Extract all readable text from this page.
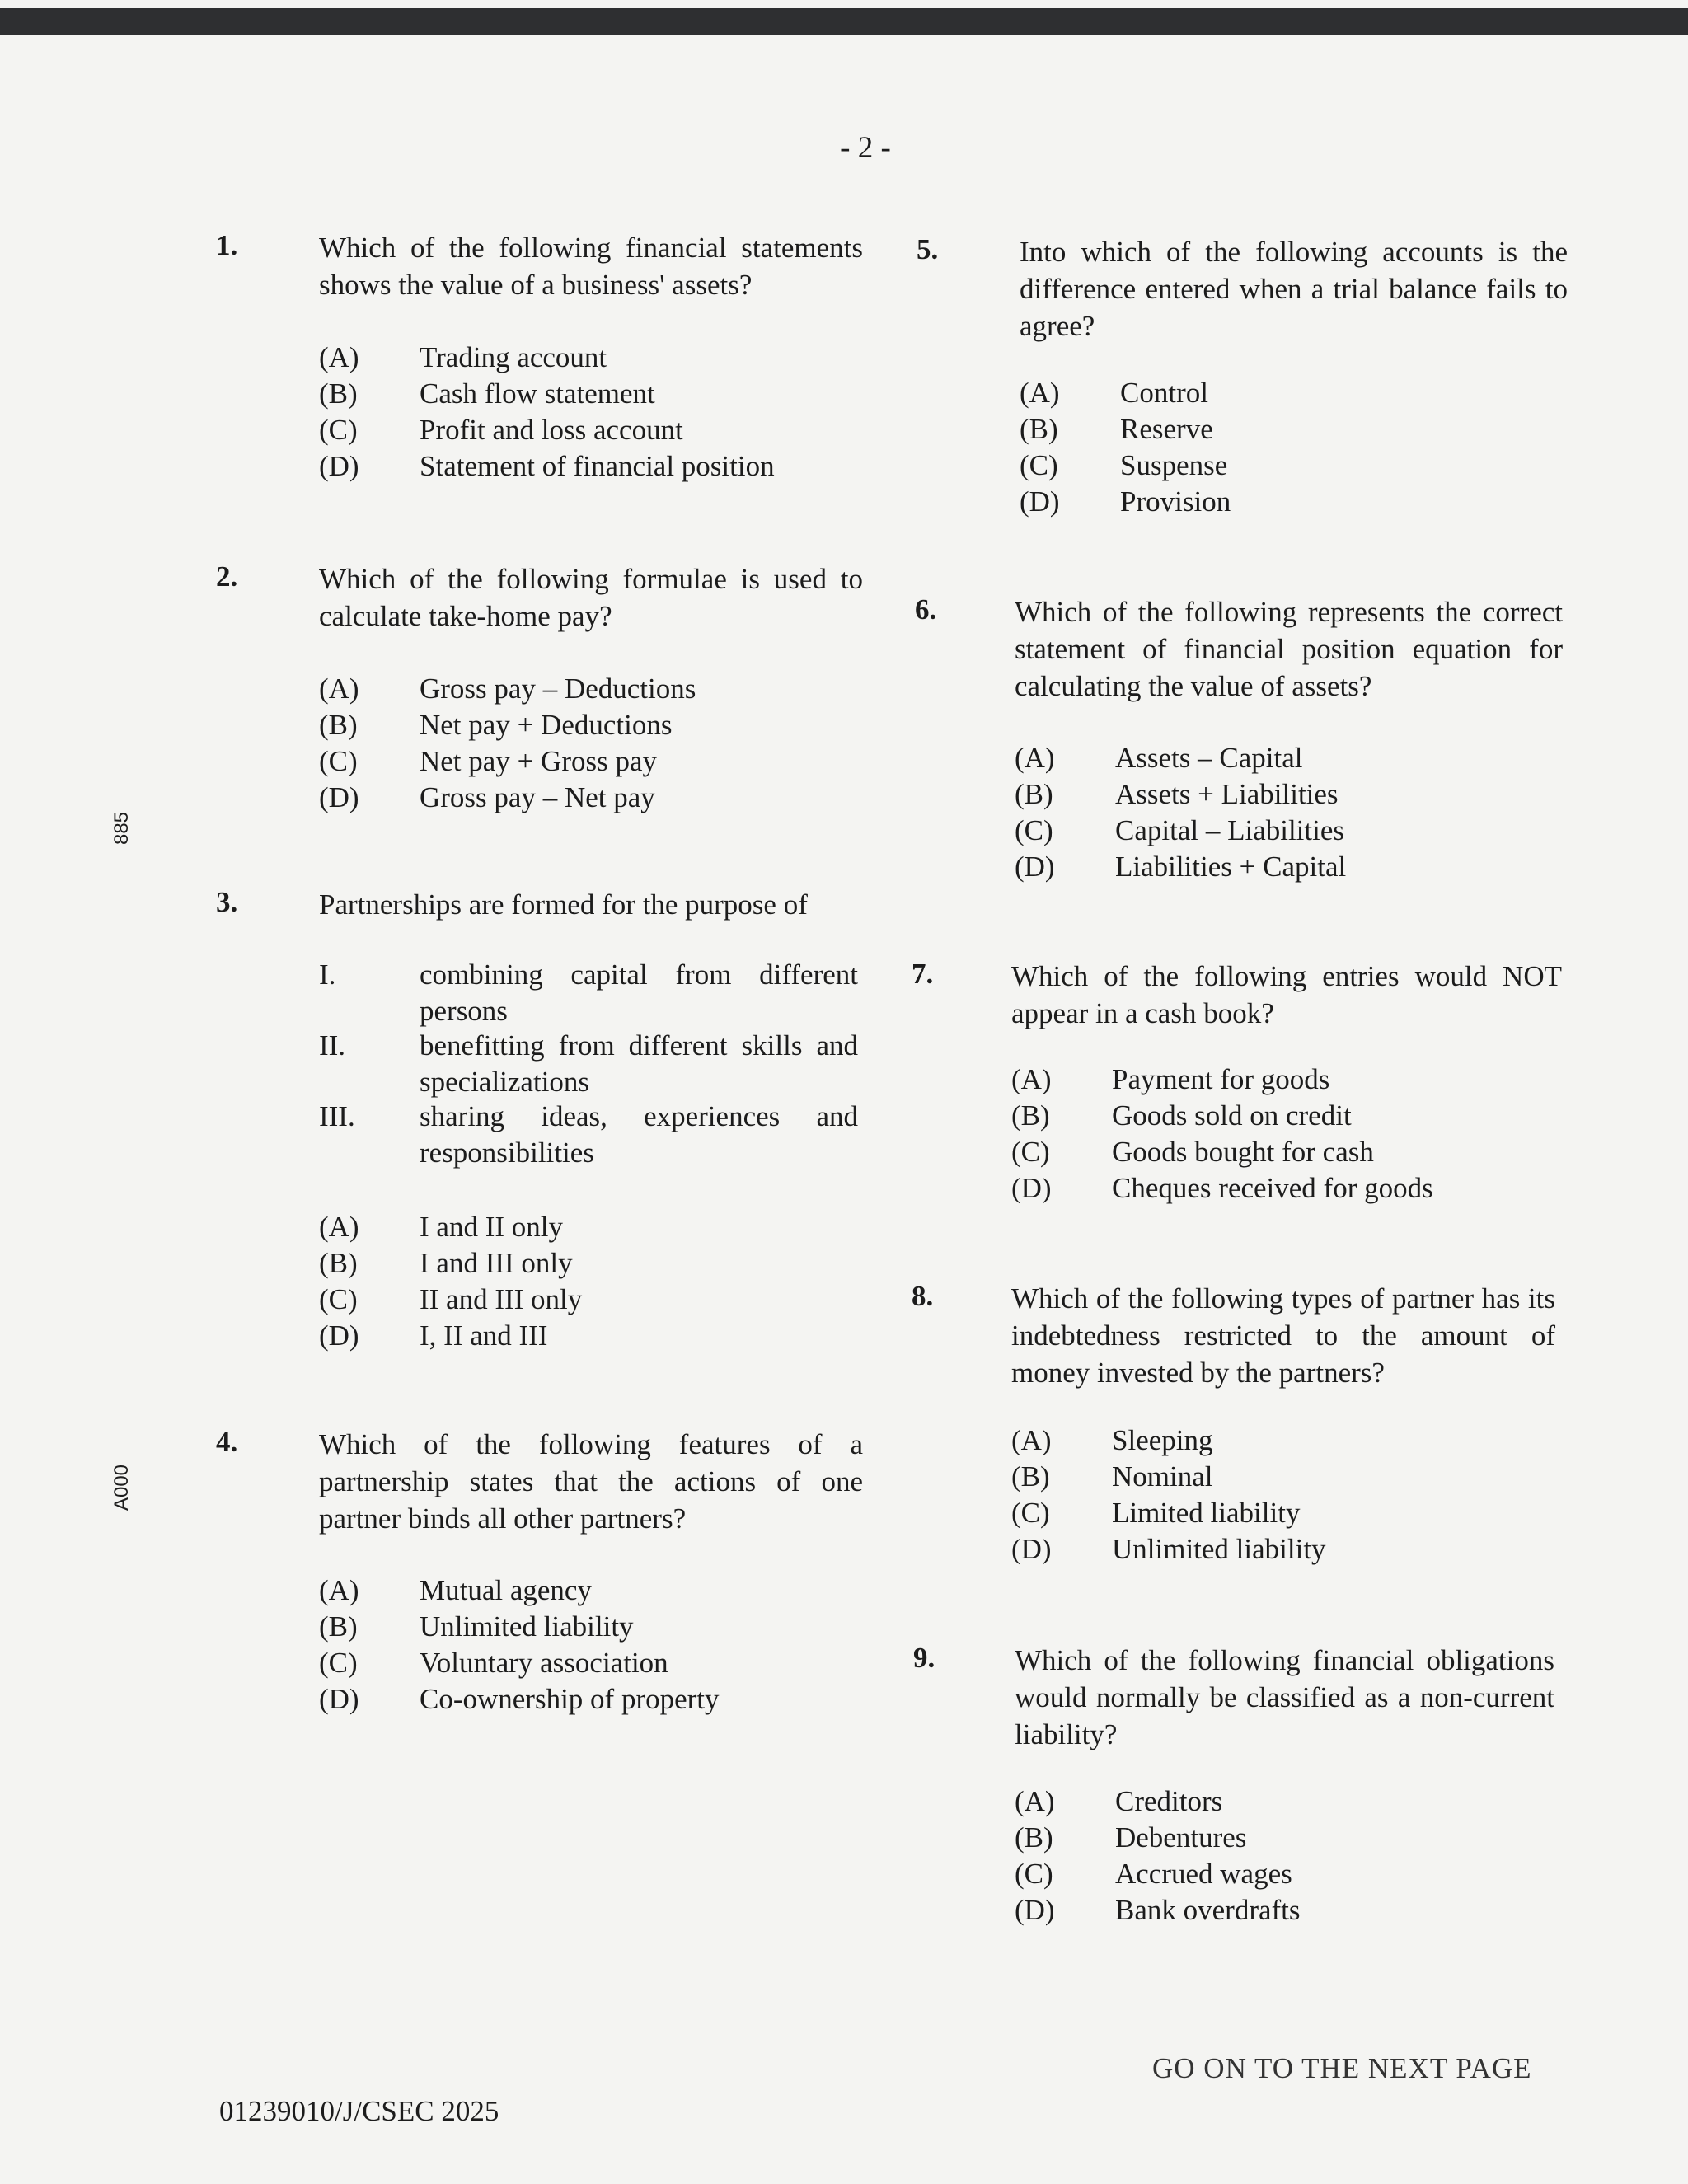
- 2 -
885
A000
1.	Which of the following financial statements shows the value of a business' assets?
(A) Trading account
(B) Cash flow statement
(C) Profit and loss account
(D) Statement of financial position
2.	Which of the following formulae is used to calculate take-home pay?
(A) Gross pay – Deductions
(B) Net pay + Deductions
(C) Net pay + Gross pay
(D) Gross pay – Net pay
3.	Partnerships are formed for the purpose of
I.	combining capital from different persons
II.	benefitting from different skills and specializations
III. sharing ideas, experiences and responsibilities
(A) I and II only
(B) I and III only
(C) II and III only
(D) I, II and III
4.	Which of the following features of a partnership states that the actions of one partner binds all other partners?
(A) Mutual agency
(B) Unlimited liability
(C) Voluntary association
(D) Co-ownership of property
5.	Into which of the following accounts is the difference entered when a trial balance fails to agree?
(A) Control
(B) Reserve
(C) Suspense
(D) Provision
6.	Which of the following represents the correct statement of financial position equation for calculating the value of assets?
(A) Assets – Capital
(B) Assets + Liabilities
(C) Capital – Liabilities
(D) Liabilities + Capital
7.	Which of the following entries would NOT appear in a cash book?
(A) Payment for goods
(B) Goods sold on credit
(C) Goods bought for cash
(D) Cheques received for goods
8.	Which of the following types of partner has its indebtedness restricted to the amount of money invested by the partners?
(A) Sleeping
(B) Nominal
(C) Limited liability
(D) Unlimited liability
9.	Which of the following financial obligations would normally be classified as a non-current liability?
(A) Creditors
(B) Debentures
(C) Accrued wages
(D) Bank overdrafts
GO ON TO THE NEXT PAGE
01239010/J/CSEC 2025
